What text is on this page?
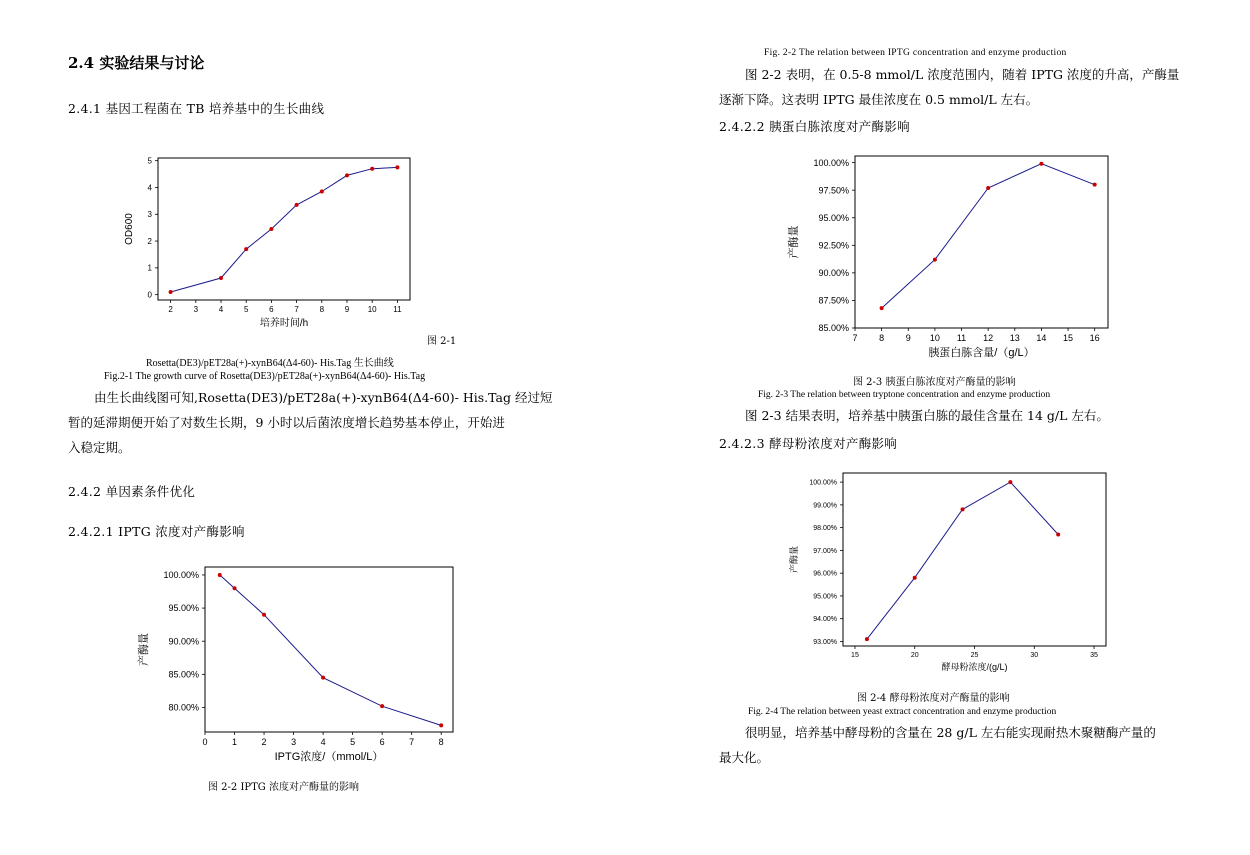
2.4 实验结果与讨论
2.4.1 基因工程菌在 TB 培养基中的生长曲线
2	3	4	5	6	7	8	9 10 11
0
1
2
3
4
5
培养时间/h
OD600
图 2-1
Rosetta(DE3)/pET28a(+)-xynB64(Δ4-60)- His.Tag 生长曲线
Fig.2-1 The growth curve of Rosetta(DE3)/pET28a(+)-xynB64(Δ4-60)- His.Tag
由生长曲线图可知,Rosetta(DE3)/pET28a(+)-xynB64(Δ4-60)- His.Tag 经过短
暂的延滞期便开始了对数生长期，9 小时以后菌浓度增长趋势基本停止，开始进
入稳定期。
2.4.2 单因素条件优化
2.4.2.1 IPTG 浓度对产酶影响
0	1	2	3	4	5	6	7	8
80.00%
85.00%
90.00%
95.00%
100.00%
IPTG浓度/（mmol/L）
产酶量
图 2-2 IPTG 浓度对产酶量的影响
Fig. 2-2 The relation between IPTG concentration and enzyme production
图 2-2 表明，在 0.5-8 mmol/L 浓度范围内，随着 IPTG 浓度的升高，产酶量
逐渐下降。这表明 IPTG 最佳浓度在 0.5 mmol/L 左右。
2.4.2.2 胰蛋白胨浓度对产酶影响
7 8 9 10 11 12 13 14 15 16
85.00%
87.50%
90.00%
92.50%
95.00%
97.50%
100.00%
胰蛋白胨含量/（g/L）
产酶量
图 2-3 胰蛋白胨浓度对产酶量的影响
Fig. 2-3 The relation between tryptone concentration and enzyme production
图 2-3 结果表明，培养基中胰蛋白胨的最佳含量在 14 g/L 左右。
2.4.2.3 酵母粉浓度对产酶影响
15	20	25	30	35
93.00%
94.00%
95.00%
96.00%
97.00%
98.00%
99.00%
100.00%
酵母粉浓度/(g/L)
产酶量
图 2-4 酵母粉浓度对产酶量的影响
Fig. 2-4 The relation between yeast extract concentration and enzyme production
很明显，培养基中酵母粉的含量在 28 g/L 左右能实现耐热木聚糖酶产量的
最大化。
